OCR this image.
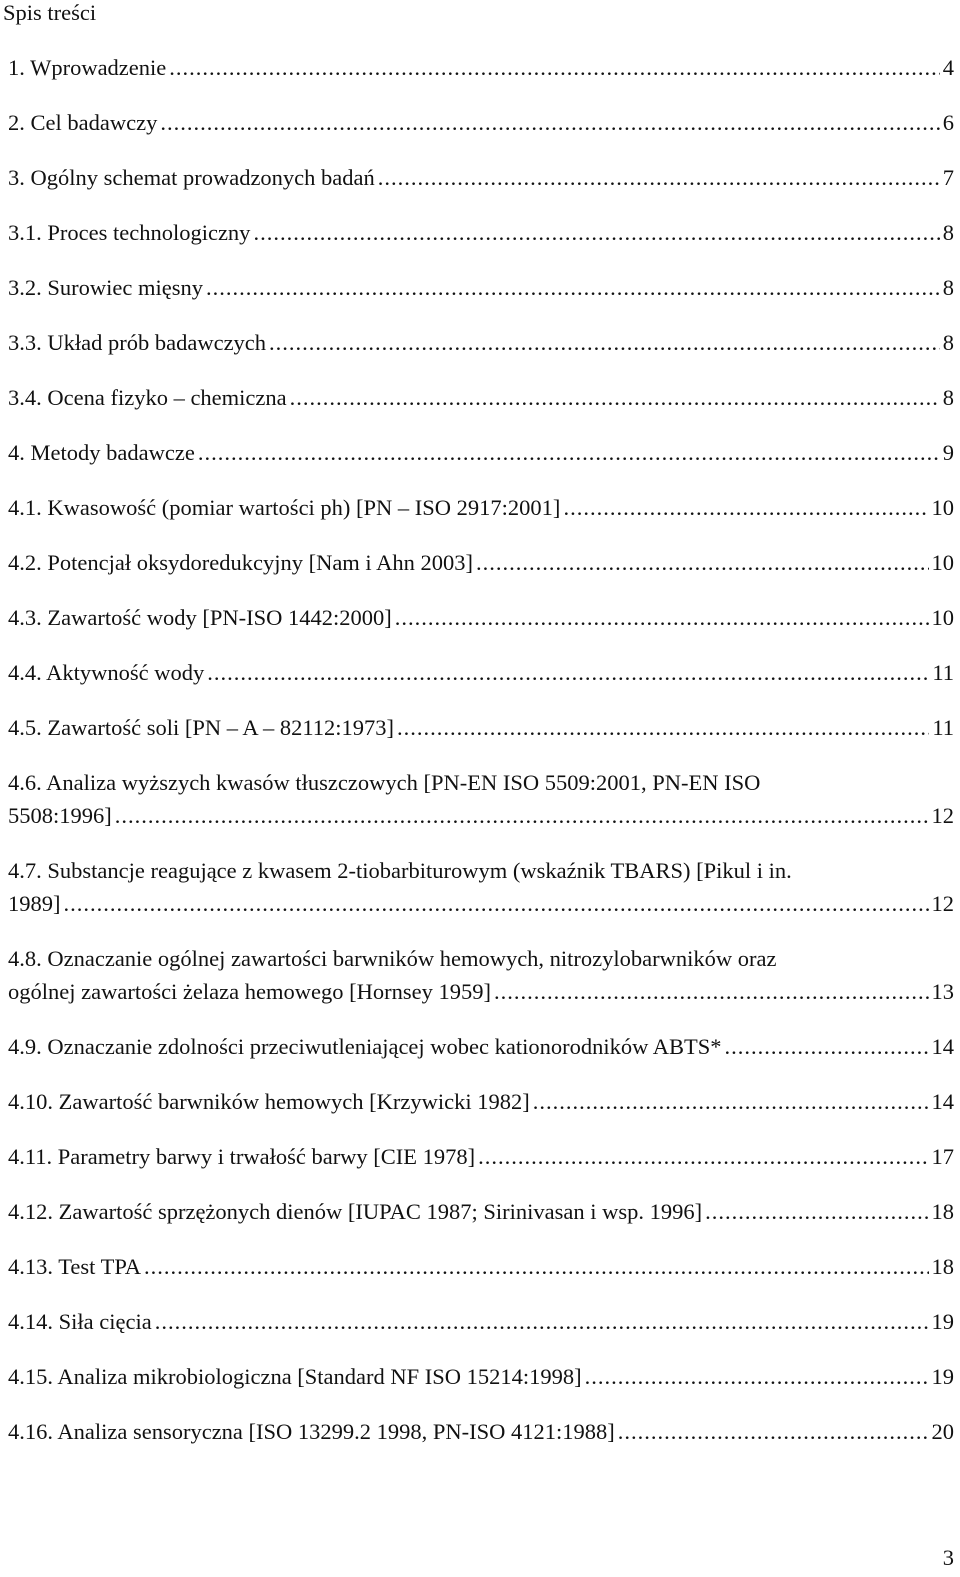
Spis treści
1. Wprowadzenie .....	4
2. Cel badawczy .....	6
3. Ogólny schemat prowadzonych badań .....	7
3.1. Proces technologiczny .....	8
3.2. Surowiec mięsny .....	8
3.3. Układ prób badawczych .....	8
3.4. Ocena fizyko – chemiczna .....	8
4. Metody badawcze .....	9
4.1. Kwasowość (pomiar wartości ph) [PN – ISO 2917:2001] .....	10
4.2. Potencjał oksydoredukcyjny [Nam i Ahn 2003] .....	10
4.3. Zawartość wody [PN-ISO 1442:2000] .....	10
4.4. Aktywność wody .....	11
4.5. Zawartość soli [PN – A – 82112:1973] .....	11
4.6. Analiza wyższych kwasów tłuszczowych [PN-EN ISO 5509:2001, PN-EN ISO
5508:1996] .....	12
4.7. Substancje reagujące z kwasem 2-tiobarbiturowym (wskaźnik TBARS) [Pikul i in.
1989] .....	12
4.8. Oznaczanie ogólnej zawartości barwników hemowych, nitrozylobarwników oraz
ogólnej zawartości żelaza hemowego [Hornsey 1959] .....	13
4.9. Oznaczanie zdolności przeciwutleniającej wobec kationorodników ABTS* .....	14
4.10. Zawartość barwników hemowych [Krzywicki 1982] .....	14
4.11. Parametry barwy i trwałość barwy [CIE 1978] .....	17
4.12. Zawartość sprzężonych dienów [IUPAC 1987; Sirinivasan i wsp. 1996] .....	18
4.13. Test TPA .....	18
4.14. Siła cięcia .....	19
4.15. Analiza mikrobiologiczna [Standard NF ISO 15214:1998] .....	19
4.16. Analiza sensoryczna [ISO 13299.2 1998, PN-ISO 4121:1988] .....	20
3
